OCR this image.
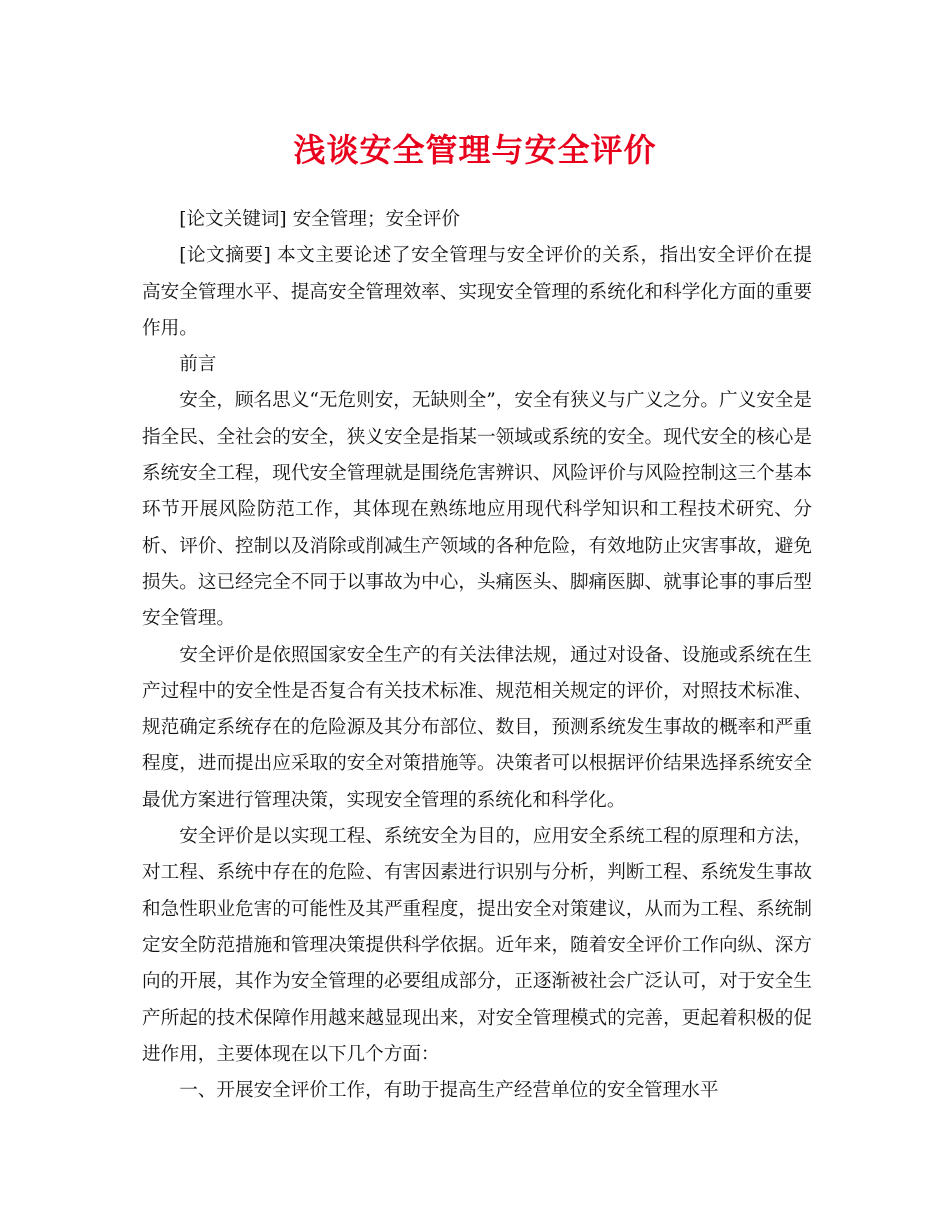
浅谈安全管理与安全评价

[论文关键词] 安全管理；安全评价

[论文摘要] 本文主要论述了安全管理与安全评价的关系，指出安全评价在提高安全管理水平、提高安全管理效率、实现安全管理的系统化和科学化方面的重要作用。

前言

安全，顾名思义“无危则安，无缺则全”，安全有狭义与广义之分。广义安全是指全民、全社会的安全，狭义安全是指某一领域或系统的安全。现代安全的核心是系统安全工程，现代安全管理就是围绕危害辨识、风险评价与风险控制这三个基本环节开展风险防范工作，其体现在熟练地应用现代科学知识和工程技术研究、分析、评价、控制以及消除或削减生产领域的各种危险，有效地防止灾害事故，避免损失。这已经完全不同于以事故为中心，头痛医头、脚痛医脚、就事论事的事后型安全管理。

安全评价是依照国家安全生产的有关法律法规，通过对设备、设施或系统在生产过程中的安全性是否复合有关技术标准、规范相关规定的评价，对照技术标准、规范确定系统存在的危险源及其分布部位、数目，预测系统发生事故的概率和严重程度，进而提出应采取的安全对策措施等。决策者可以根据评价结果选择系统安全最优方案进行管理决策，实现安全管理的系统化和科学化。

安全评价是以实现工程、系统安全为目的，应用安全系统工程的原理和方法，对工程、系统中存在的危险、有害因素进行识别与分析，判断工程、系统发生事故和急性职业危害的可能性及其严重程度，提出安全对策建议，从而为工程、系统制定安全防范措施和管理决策提供科学依据。近年来，随着安全评价工作向纵、深方向的开展，其作为安全管理的必要组成部分，正逐渐被社会广泛认可，对于安全生产所起的技术保障作用越来越显现出来，对安全管理模式的完善，更起着积极的促进作用，主要体现在以下几个方面：

一、开展安全评价工作，有助于提高生产经营单位的安全管理水平
